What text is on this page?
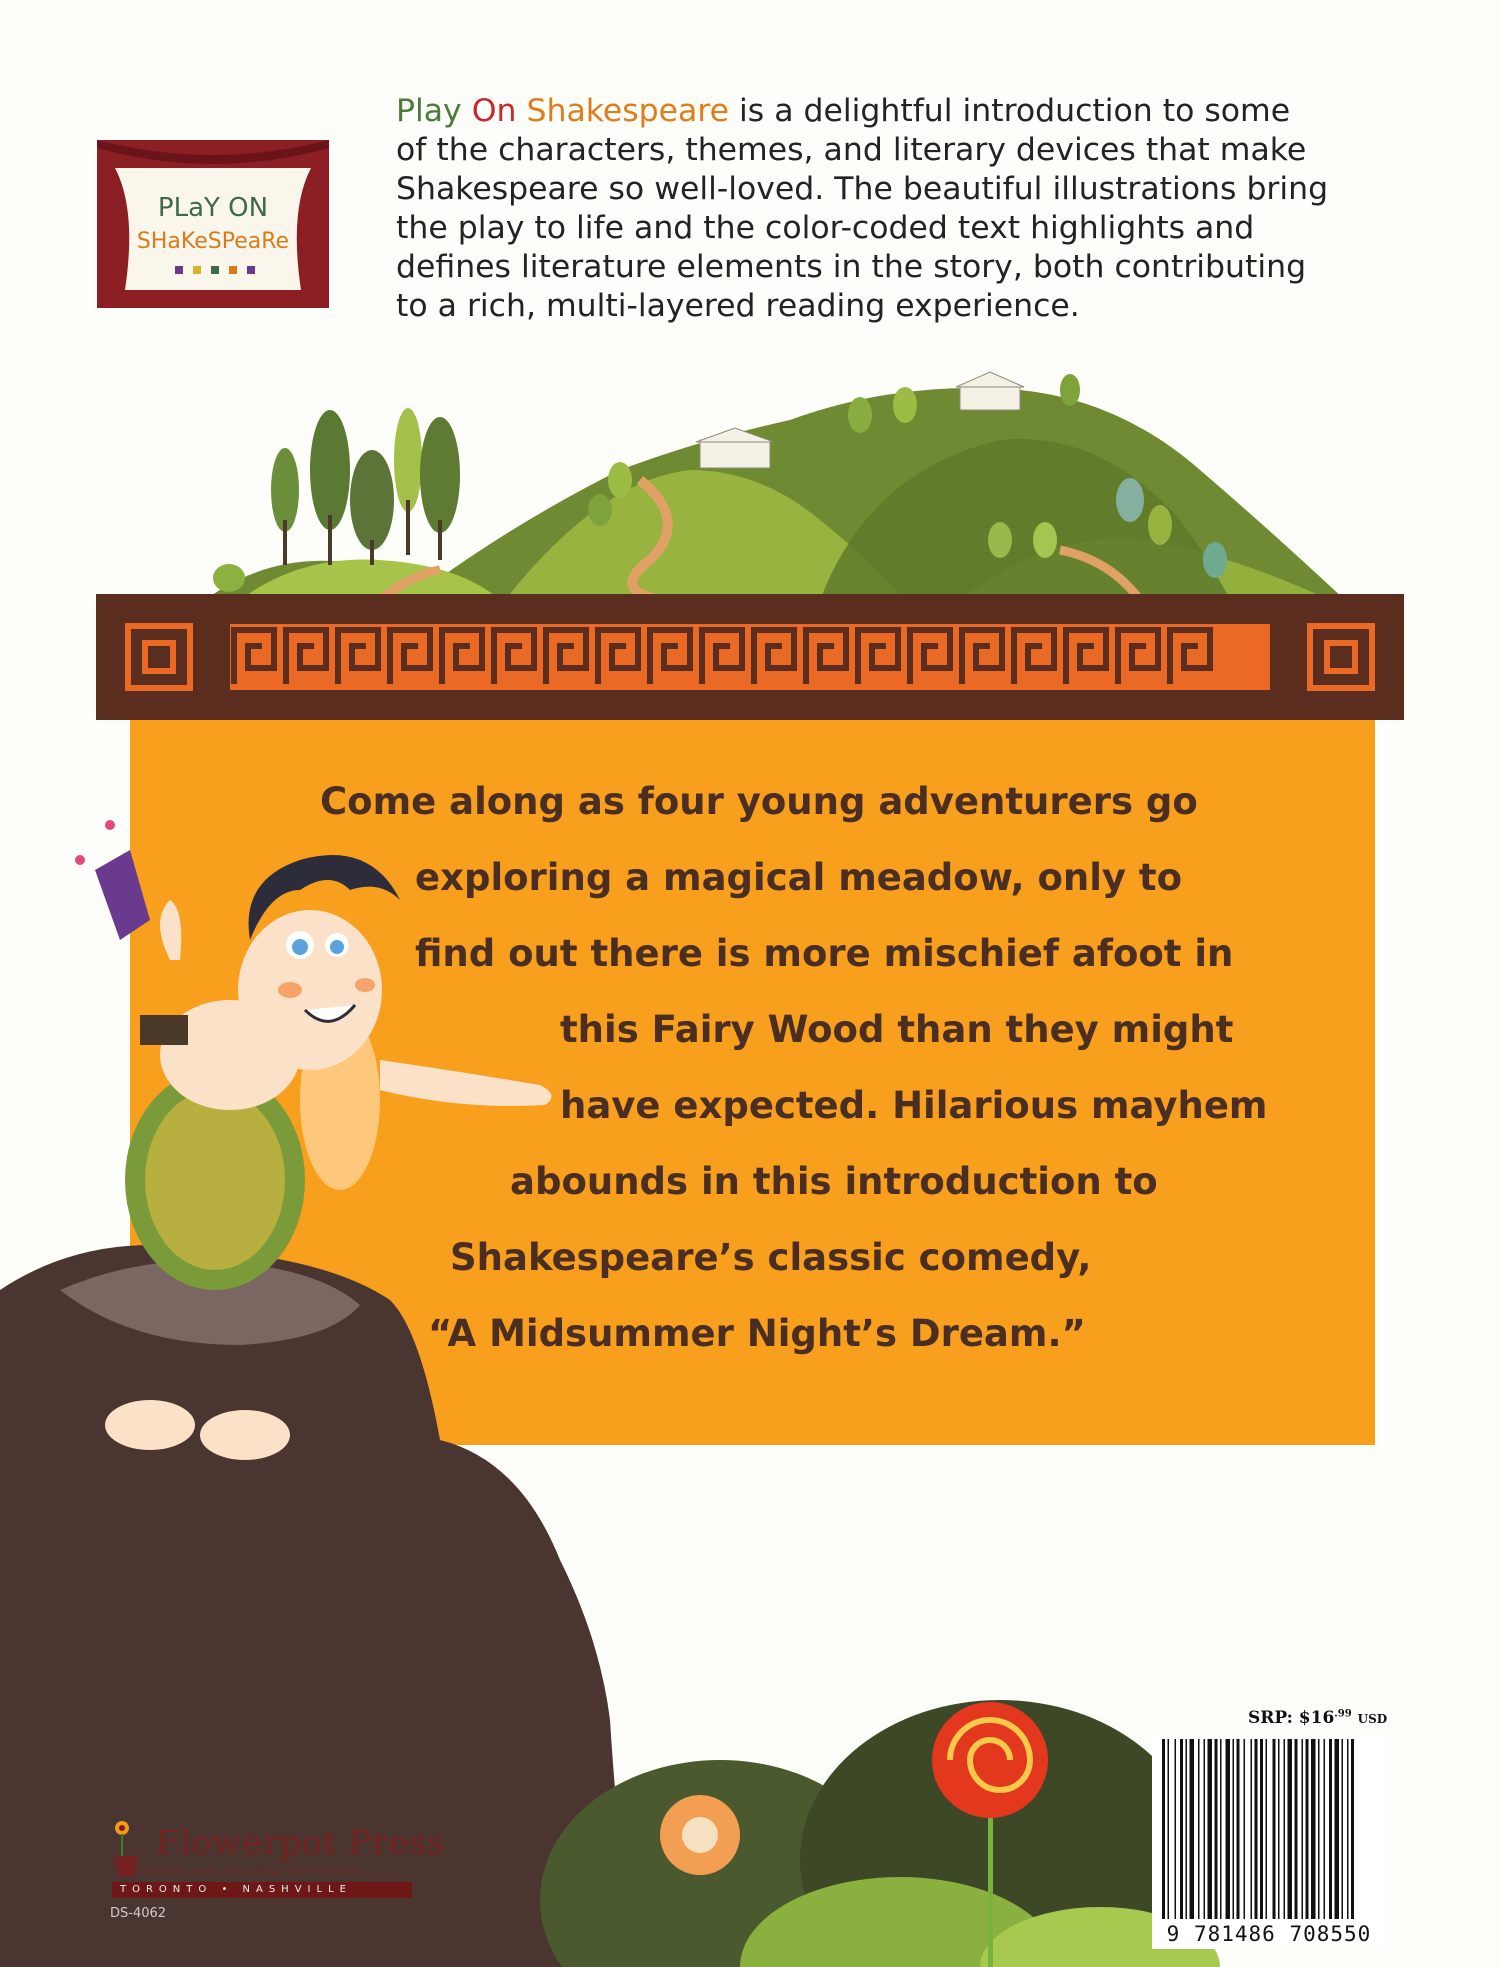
PLaY ON
SHaKeSPeaRe
Play On Shakespeare is a delightful introduction to some
of the characters, themes, and literary devices that make
Shakespeare so well-loved. The beautiful illustrations bring
the play to life and the color-coded text highlights and
defines literature elements in the story, both contributing
to a rich, multi-layered reading experience.
Come along as four young adventurers go
exploring a magical meadow, only to
find out there is more mischief afoot in
this Fairy Wood than they might
have expected. Hilarious mayhem
abounds in this introduction to
Shakespeare’s classic comedy,
“A Midsummer Night’s Dream.”
SRP: $\$16^{.99}$ USD
9 781486 708550
Flowerpot Press
Planting the seeds of knowledge and imagination
TORONTO • NASHVILLE
DS-4062
